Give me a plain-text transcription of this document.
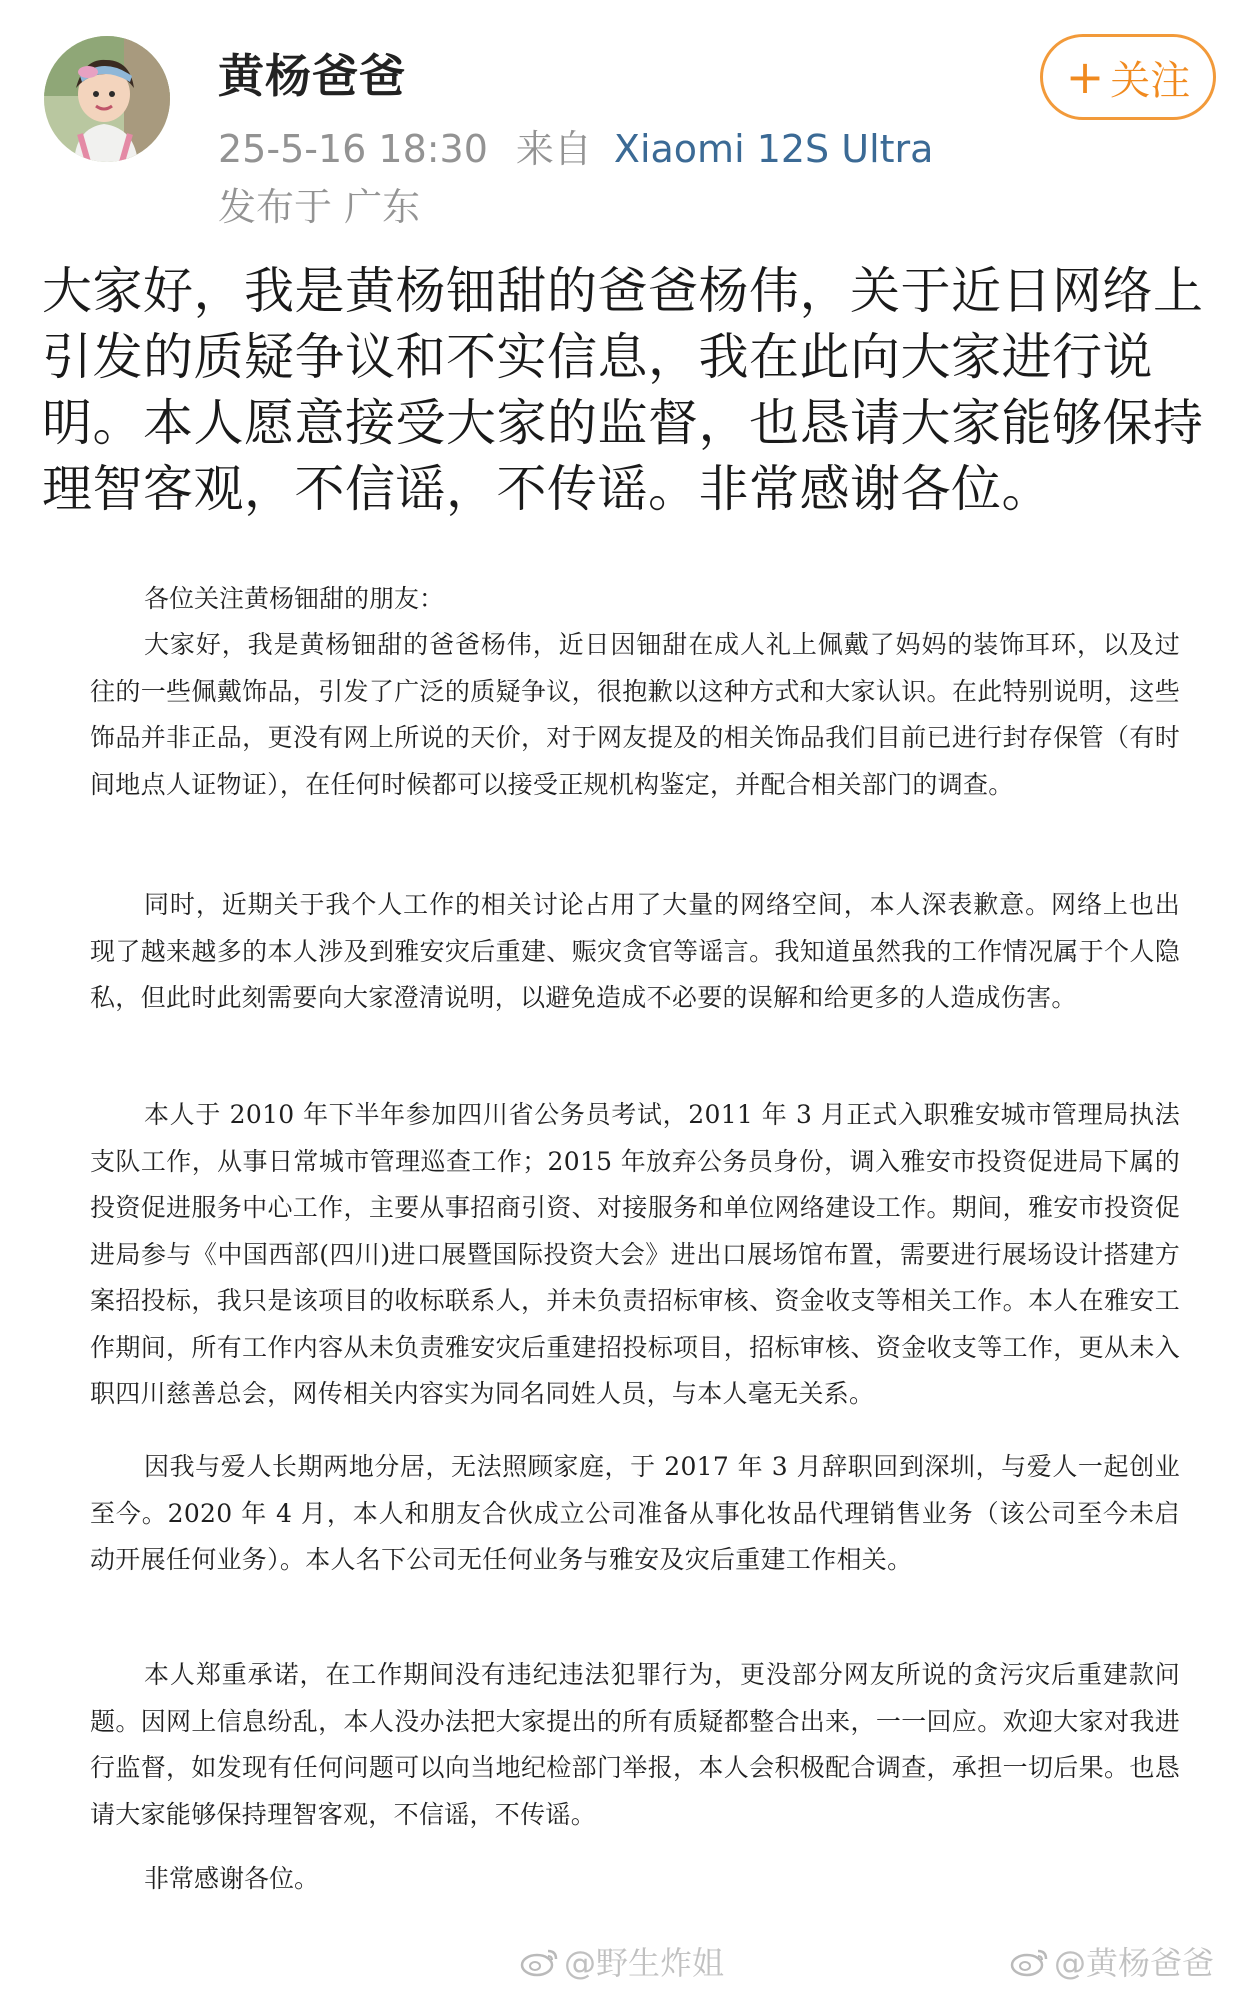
黄杨爸爸
25-5-16 18:30 来自 Xiaomi 12S Ultra
发布于 广东
+ 关注
大家好，我是黄杨钿甜的爸爸杨伟，关于近日网络上引发的质疑争议和不实信息，我在此向大家进行说明。本人愿意接受大家的监督，也恳请大家能够保持理智客观，不信谣，不传谣。非常感谢各位。
各位关注黄杨钿甜的朋友：
大家好，我是黄杨钿甜的爸爸杨伟，近日因钿甜在成人礼上佩戴了妈妈的装饰耳环，以及过往的一些佩戴饰品，引发了广泛的质疑争议，很抱歉以这种方式和大家认识。在此特别说明，这些饰品并非正品，更没有网上所说的天价，对于网友提及的相关饰品我们目前已进行封存保管（有时间地点人证物证），在任何时候都可以接受正规机构鉴定，并配合相关部门的调查。
同时，近期关于我个人工作的相关讨论占用了大量的网络空间，本人深表歉意。网络上也出现了越来越多的本人涉及到雅安灾后重建、赈灾贪官等谣言。我知道虽然我的工作情况属于个人隐私，但此时此刻需要向大家澄清说明，以避免造成不必要的误解和给更多的人造成伤害。
本人于 2010 年下半年参加四川省公务员考试，2011 年 3 月正式入职雅安城市管理局执法支队工作，从事日常城市管理巡查工作；2015 年放弃公务员身份，调入雅安市投资促进局下属的投资促进服务中心工作，主要从事招商引资、对接服务和单位网络建设工作。期间，雅安市投资促进局参与《中国西部(四川)进口展暨国际投资大会》进出口展场馆布置，需要进行展场设计搭建方案招投标，我只是该项目的收标联系人，并未负责招标审核、资金收支等相关工作。本人在雅安工作期间，所有工作内容从未负责雅安灾后重建招投标项目，招标审核、资金收支等工作，更从未入职四川慈善总会，网传相关内容实为同名同姓人员，与本人毫无关系。
因我与爱人长期两地分居，无法照顾家庭，于 2017 年 3 月辞职回到深圳，与爱人一起创业至今。2020 年 4 月，本人和朋友合伙成立公司准备从事化妆品代理销售业务（该公司至今未启动开展任何业务）。本人名下公司无任何业务与雅安及灾后重建工作相关。
本人郑重承诺，在工作期间没有违纪违法犯罪行为，更没部分网友所说的贪污灾后重建款问题。因网上信息纷乱，本人没办法把大家提出的所有质疑都整合出来，一一回应。欢迎大家对我进行监督，如发现有任何问题可以向当地纪检部门举报，本人会积极配合调查，承担一切后果。也恳请大家能够保持理智客观，不信谣，不传谣。
非常感谢各位。
@野生炸姐	@黄杨爸爸
